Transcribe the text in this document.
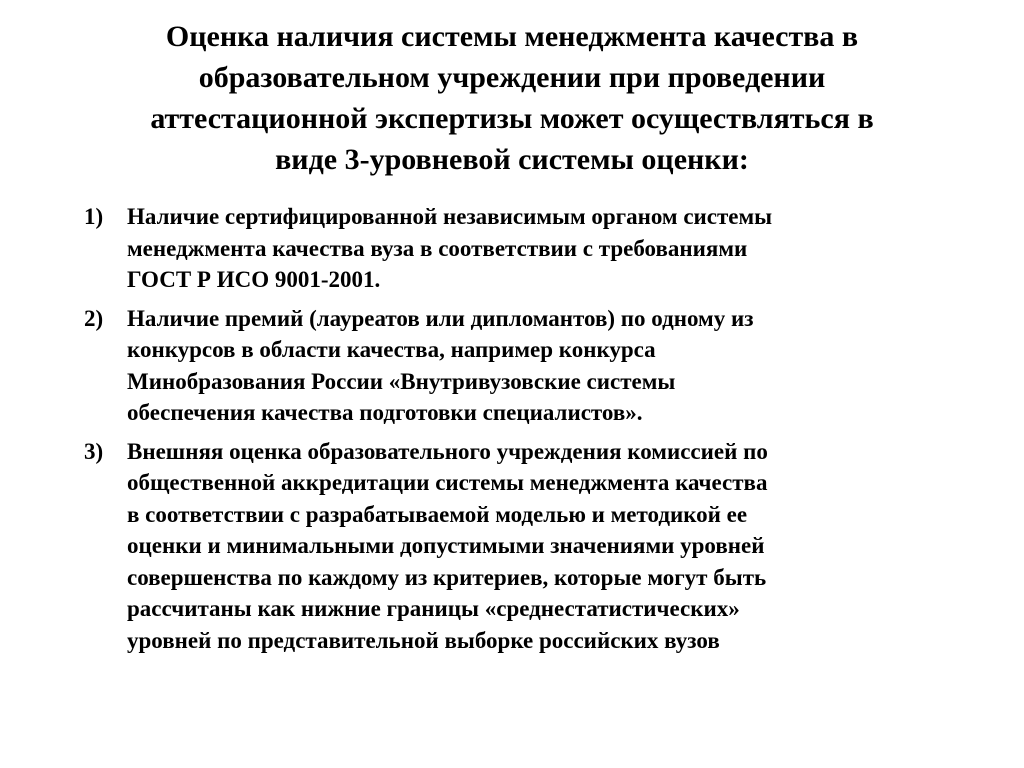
Оценка наличия системы менеджмента качества в
образовательном учреждении при проведении
аттестационной экспертизы может осуществляться в
виде 3-уровневой системы оценки:
1)	Наличие сертифицированной независимым органом системы
менеджмента качества вуза в соответствии с требованиями
ГОСТ Р ИСО 9001-2001.
2)	Наличие премий (лауреатов или дипломантов) по одному из
конкурсов в области качества, например конкурса
Минобразования России «Внутривузовские системы
обеспечения качества подготовки специалистов».
3)	Внешняя оценка образовательного учреждения комиссией по
общественной аккредитации системы менеджмента качества
в соответствии с разрабатываемой моделью и методикой ее
оценки и минимальными допустимыми значениями уровней
совершенства по каждому из критериев, которые могут быть
рассчитаны как нижние границы «среднестатистических»
уровней по представительной выборке российских вузов
